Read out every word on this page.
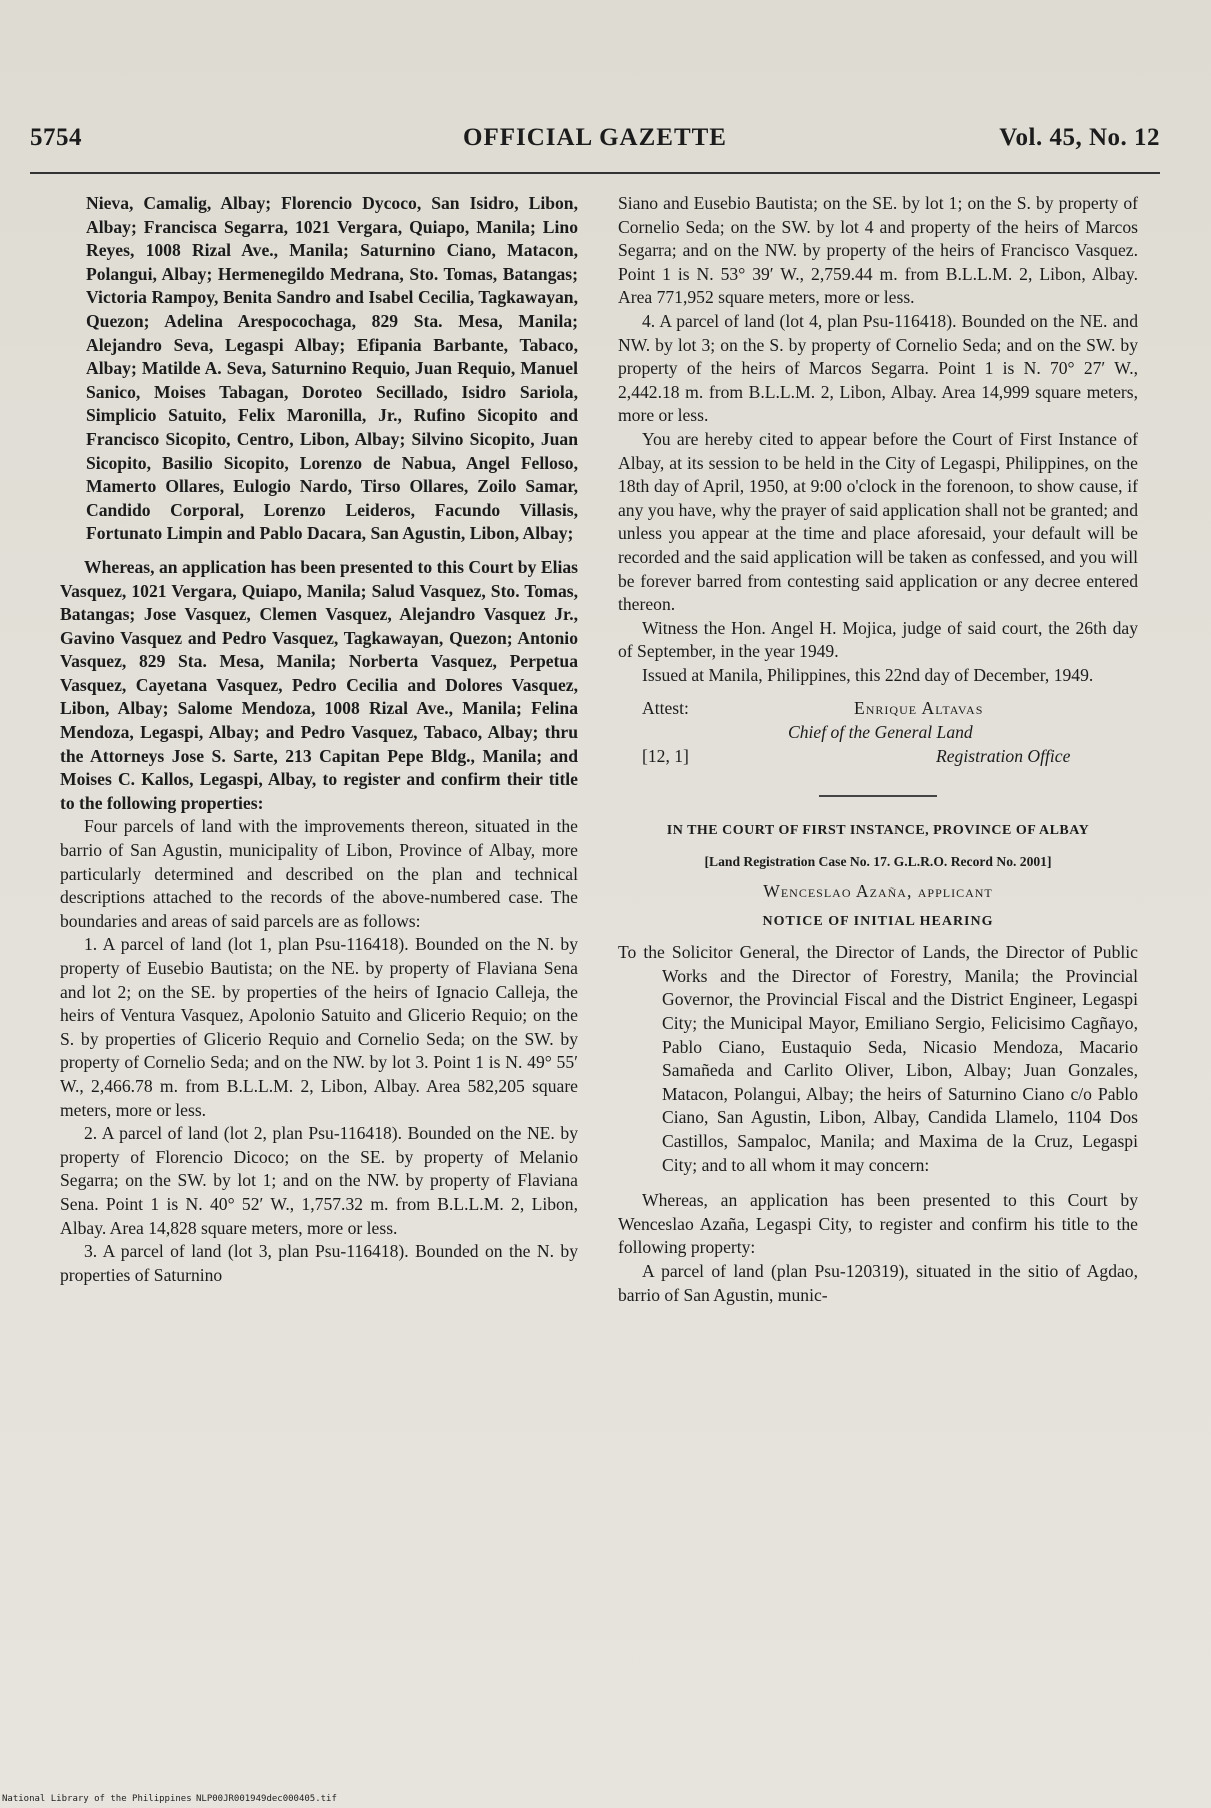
5754	OFFICIAL GAZETTE	Vol. 45, No. 12

Nieva, Camalig, Albay; Florencio Dycoco, San Isidro, Libon, Albay; Francisca Segarra, 1021 Vergara, Quiapo, Manila; Lino Reyes, 1008 Rizal Ave., Manila; Saturnino Ciano, Matacon, Polangui, Albay; Hermenegildo Medrana, Sto. Tomas, Batangas; Victoria Rampoy, Benita Sandro and Isabel Cecilia, Tagkawayan, Quezon; Adelina Arespocochaga, 829 Sta. Mesa, Manila; Alejandro Seva, Legaspi Albay; Efipania Barbante, Tabaco, Albay; Matilde A. Seva, Saturnino Requio, Juan Requio, Manuel Sanico, Moises Tabagan, Doroteo Secillado, Isidro Sariola, Simplicio Satuito, Felix Maronilla, Jr., Rufino Sicopito and Francisco Sicopito, Centro, Libon, Albay; Silvino Sicopito, Juan Sicopito, Basilio Sicopito, Lorenzo de Nabua, Angel Felloso, Mamerto Ollares, Eulogio Nardo, Tirso Ollares, Zoilo Samar, Candido Corporal, Lorenzo Leideros, Facundo Villasis, Fortunato Limpin and Pablo Dacara, San Agustin, Libon, Albay;

Whereas, an application has been presented to this Court by Elias Vasquez, 1021 Vergara, Quiapo, Manila; Salud Vasquez, Sto. Tomas, Batangas; Jose Vasquez, Clemen Vasquez, Alejandro Vasquez Jr., Gavino Vasquez and Pedro Vasquez, Tagkawayan, Quezon; Antonio Vasquez, 829 Sta. Mesa, Manila; Norberta Vasquez, Perpetua Vasquez, Cayetana Vasquez, Pedro Cecilia and Dolores Vasquez, Libon, Albay; Salome Mendoza, 1008 Rizal Ave., Manila; Felina Mendoza, Legaspi, Albay; and Pedro Vasquez, Tabaco, Albay; thru the Attorneys Jose S. Sarte, 213 Capitan Pepe Bldg., Manila; and Moises C. Kallos, Legaspi, Albay, to register and confirm their title to the following properties:

Four parcels of land with the improvements thereon, situated in the barrio of San Agustin, municipality of Libon, Province of Albay, more particularly determined and described on the plan and technical descriptions attached to the records of the above-numbered case. The boundaries and areas of said parcels are as follows:

1. A parcel of land (lot 1, plan Psu-116418). Bounded on the N. by property of Eusebio Bautista; on the NE. by property of Flaviana Sena and lot 2; on the SE. by properties of the heirs of Ignacio Calleja, the heirs of Ventura Vasquez, Apolonio Satuito and Glicerio Requio; on the S. by properties of Glicerio Requio and Cornelio Seda; on the SW. by property of Cornelio Seda; and on the NW. by lot 3. Point 1 is N. 49° 55′ W., 2,466.78 m. from B.L.L.M. 2, Libon, Albay. Area 582,205 square meters, more or less.

2. A parcel of land (lot 2, plan Psu-116418). Bounded on the NE. by property of Florencio Dicoco; on the SE. by property of Melanio Segarra; on the SW. by lot 1; and on the NW. by property of Flaviana Sena. Point 1 is N. 40° 52′ W., 1,757.32 m. from B.L.L.M. 2, Libon, Albay. Area 14,828 square meters, more or less.

3. A parcel of land (lot 3, plan Psu-116418). Bounded on the N. by properties of Saturnino

Siano and Eusebio Bautista; on the SE. by lot 1; on the S. by property of Cornelio Seda; on the SW. by lot 4 and property of the heirs of Marcos Segarra; and on the NW. by property of the heirs of Francisco Vasquez. Point 1 is N. 53° 39′ W., 2,759.44 m. from B.L.L.M. 2, Libon, Albay. Area 771,952 square meters, more or less.

4. A parcel of land (lot 4, plan Psu-116418). Bounded on the NE. and NW. by lot 3; on the S. by property of Cornelio Seda; and on the SW. by property of the heirs of Marcos Segarra. Point 1 is N. 70° 27′ W., 2,442.18 m. from B.L.L.M. 2, Libon, Albay. Area 14,999 square meters, more or less.

You are hereby cited to appear before the Court of First Instance of Albay, at its session to be held in the City of Legaspi, Philippines, on the 18th day of April, 1950, at 9:00 o'clock in the forenoon, to show cause, if any you have, why the prayer of said application shall not be granted; and unless you appear at the time and place aforesaid, your default will be recorded and the said application will be taken as confessed, and you will be forever barred from contesting said application or any decree entered thereon.

Witness the Hon. Angel H. Mojica, judge of said court, the 26th day of September, in the year 1949.

Issued at Manila, Philippines, this 22nd day of December, 1949.

Attest:	Enrique Altavas
Chief of the General Land
[12, 1]	Registration Office

IN THE COURT OF FIRST INSTANCE, PROVINCE OF ALBAY

[Land Registration Case No. 17. G.L.R.O. Record No. 2001]

Wenceslao Azaña, applicant

NOTICE OF INITIAL HEARING

To the Solicitor General, the Director of Lands, the Director of Public Works and the Director of Forestry, Manila; the Provincial Governor, the Provincial Fiscal and the District Engineer, Legaspi City; the Municipal Mayor, Emiliano Sergio, Felicisimo Cagñayo, Pablo Ciano, Eustaquio Seda, Nicasio Mendoza, Macario Samañeda and Carlito Oliver, Libon, Albay; Juan Gonzales, Matacon, Polangui, Albay; the heirs of Saturnino Ciano c/o Pablo Ciano, San Agustin, Libon, Albay, Candida Llamelo, 1104 Dos Castillos, Sampaloc, Manila; and Maxima de la Cruz, Legaspi City; and to all whom it may concern:

Whereas, an application has been presented to this Court by Wenceslao Azaña, Legaspi City, to register and confirm his title to the following property:

A parcel of land (plan Psu-120319), situated in the sitio of Agdao, barrio of San Agustin, munic-

National Library of the Philippines NLP00JR001949dec000405.tif
